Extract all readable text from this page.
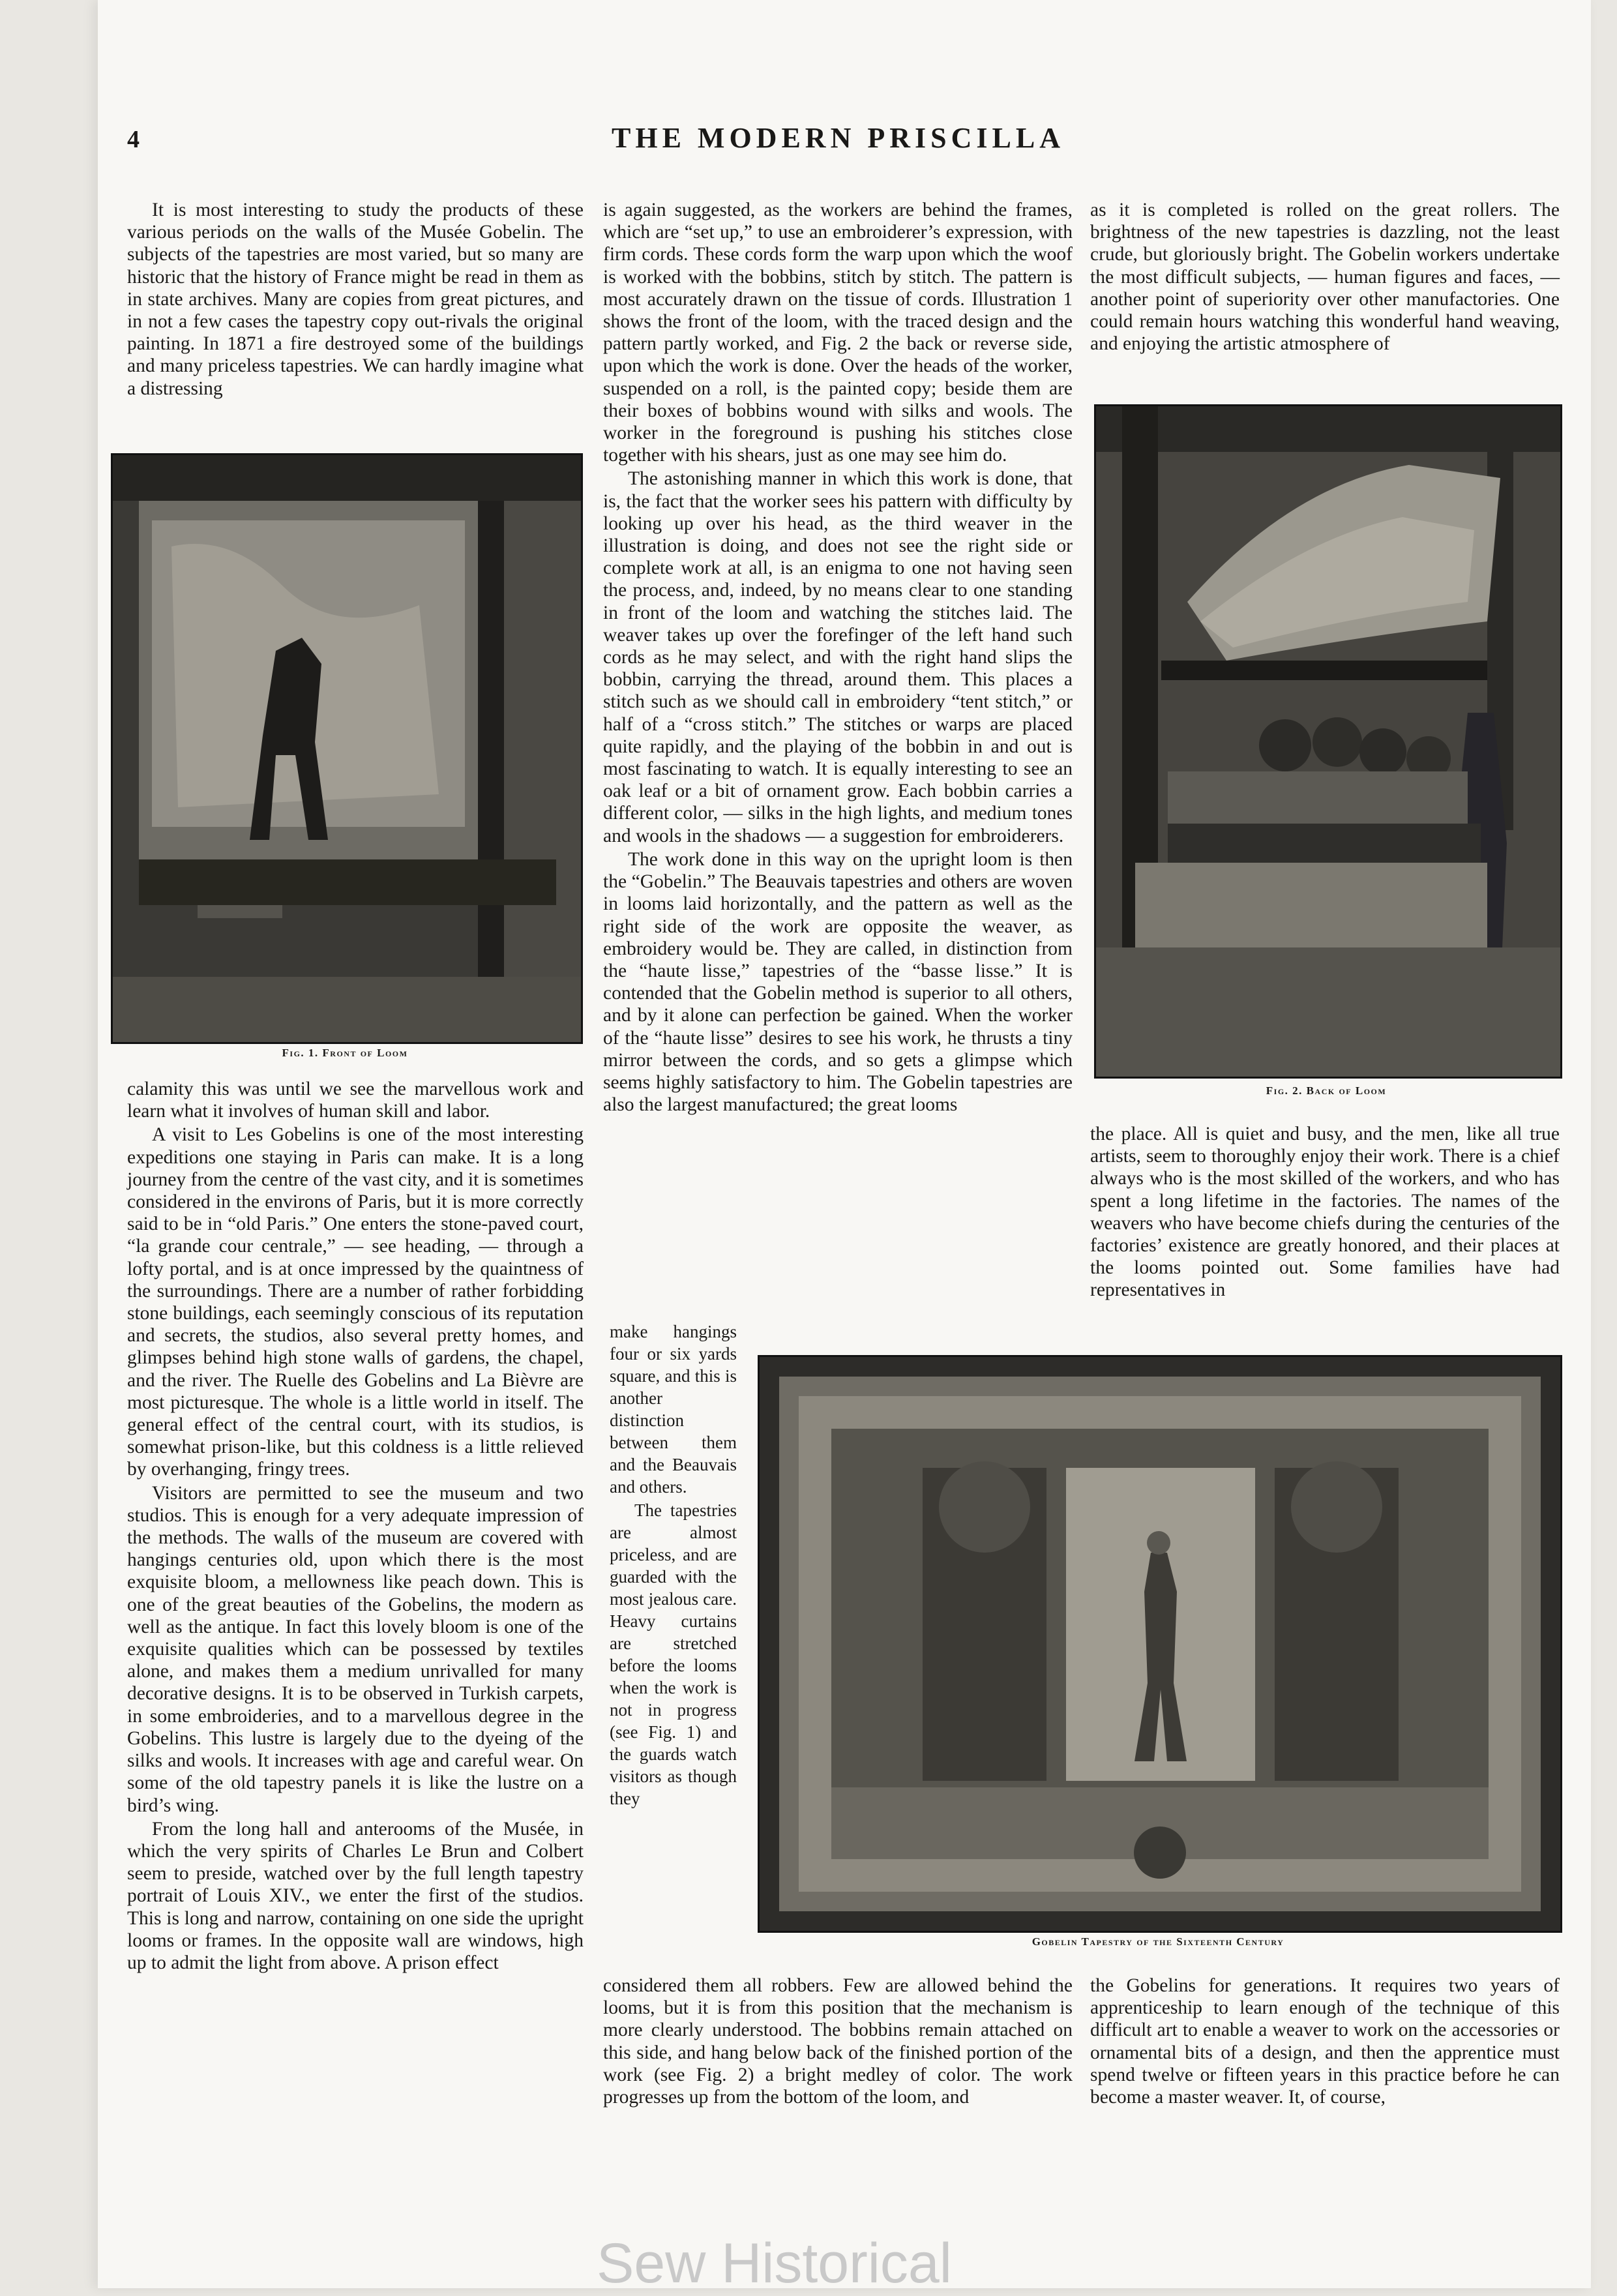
4	THE MODERN PRISCILLA

It is most interesting to study the products of these various periods on the walls of the Musée Gobelin. The subjects of the tapestries are most varied, but so many are historic that the history of France might be read in them as in state archives. Many are copies from great pictures, and in not a few cases the tapestry copy out-rivals the original painting. In 1871 a fire destroyed some of the buildings and many priceless tapestries. We can hardly imagine what a distressing

Fig. 1. Front of Loom

calamity this was until we see the marvellous work and learn what it involves of human skill and labor.

A visit to Les Gobelins is one of the most interesting expeditions one staying in Paris can make. It is a long journey from the centre of the vast city, and it is sometimes considered in the environs of Paris, but it is more correctly said to be in “old Paris.” One enters the stone-paved court, “la grande cour centrale,” — see heading, — through a lofty portal, and is at once impressed by the quaintness of the surroundings. There are a number of rather forbidding stone buildings, each seemingly conscious of its reputation and secrets, the studios, also several pretty homes, and glimpses behind high stone walls of gardens, the chapel, and the river. The Ruelle des Gobelins and La Bièvre are most picturesque. The whole is a little world in itself. The general effect of the central court, with its studios, is somewhat prison-like, but this coldness is a little relieved by overhanging, fringy trees.

Visitors are permitted to see the museum and two studios. This is enough for a very adequate impression of the methods. The walls of the museum are covered with hangings centuries old, upon which there is the most exquisite bloom, a mellowness like peach down. This is one of the great beauties of the Gobelins, the modern as well as the antique. In fact this lovely bloom is one of the exquisite qualities which can be possessed by textiles alone, and makes them a medium unrivalled for many decorative designs. It is to be observed in Turkish carpets, in some embroideries, and to a marvellous degree in the Gobelins. This lustre is largely due to the dyeing of the silks and wools. It increases with age and careful wear. On some of the old tapestry panels it is like the lustre on a bird’s wing.

From the long hall and anterooms of the Musée, in which the very spirits of Charles Le Brun and Colbert seem to preside, watched over by the full length tapestry portrait of Louis XIV., we enter the first of the studios. This is long and narrow, containing on one side the upright looms or frames. In the opposite wall are windows, high up to admit the light from above. A prison effect

is again suggested, as the workers are behind the frames, which are “set up,” to use an embroiderer’s expression, with firm cords. These cords form the warp upon which the woof is worked with the bobbins, stitch by stitch. The pattern is most accurately drawn on the tissue of cords. Illustration 1 shows the front of the loom, with the traced design and the pattern partly worked, and Fig. 2 the back or reverse side, upon which the work is done. Over the heads of the worker, suspended on a roll, is the painted copy; beside them are their boxes of bobbins wound with silks and wools. The worker in the foreground is pushing his stitches close together with his shears, just as one may see him do.

The astonishing manner in which this work is done, that is, the fact that the worker sees his pattern with difficulty by looking up over his head, as the third weaver in the illustration is doing, and does not see the right side or complete work at all, is an enigma to one not having seen the process, and, indeed, by no means clear to one standing in front of the loom and watching the stitches laid. The weaver takes up over the forefinger of the left hand such cords as he may select, and with the right hand slips the bobbin, carrying the thread, around them. This places a stitch such as we should call in embroidery “tent stitch,” or half of a “cross stitch.” The stitches or warps are placed quite rapidly, and the playing of the bobbin in and out is most fascinating to watch. It is equally interesting to see an oak leaf or a bit of ornament grow. Each bobbin carries a different color, — silks in the high lights, and medium tones and wools in the shadows — a suggestion for embroiderers.

The work done in this way on the upright loom is then the “Gobelin.” The Beauvais tapestries and others are woven in looms laid horizontally, and the pattern as well as the right side of the work are opposite the weaver, as embroidery would be. They are called, in distinction from the “haute lisse,” tapestries of the “basse lisse.” It is contended that the Gobelin method is superior to all others, and by it alone can perfection be gained. When the worker of the “haute lisse” desires to see his work, he thrusts a tiny mirror between the cords, and so gets a glimpse which seems highly satisfactory to him. The Gobelin tapestries are also the largest manufactured; the great looms

make hangings four or six yards square, and this is another distinction between them and the Beauvais and others.

The tapestries are almost priceless, and are guarded with the most jealous care. Heavy curtains are stretched before the looms when the work is not in progress (see Fig. 1) and the guards watch visitors as though they

as it is completed is rolled on the great rollers. The brightness of the new tapestries is dazzling, not the least crude, but gloriously bright. The Gobelin workers undertake the most difficult subjects, — human figures and faces, — another point of superiority over other manufactories. One could remain hours watching this wonderful hand weaving, and enjoying the artistic atmosphere of

Fig. 2. Back of Loom

the place. All is quiet and busy, and the men, like all true artists, seem to thoroughly enjoy their work. There is a chief always who is the most skilled of the workers, and who has spent a long lifetime in the factories. The names of the weavers who have become chiefs during the centuries of the factories’ existence are greatly honored, and their places at the looms pointed out. Some families have had representatives in

Gobelin Tapestry of the Sixteenth Century

considered them all robbers. Few are allowed behind the looms, but it is from this position that the mechanism is more clearly understood. The bobbins remain attached on this side, and hang below back of the finished portion of the work (see Fig. 2) a bright medley of color. The work progresses up from the bottom of the loom, and

the Gobelins for generations. It requires two years of apprenticeship to learn enough of the technique of this difficult art to enable a weaver to work on the accessories or ornamental bits of a design, and then the apprentice must spend twelve or fifteen years in this practice before he can become a master weaver. It, of course,

Sew Historical
